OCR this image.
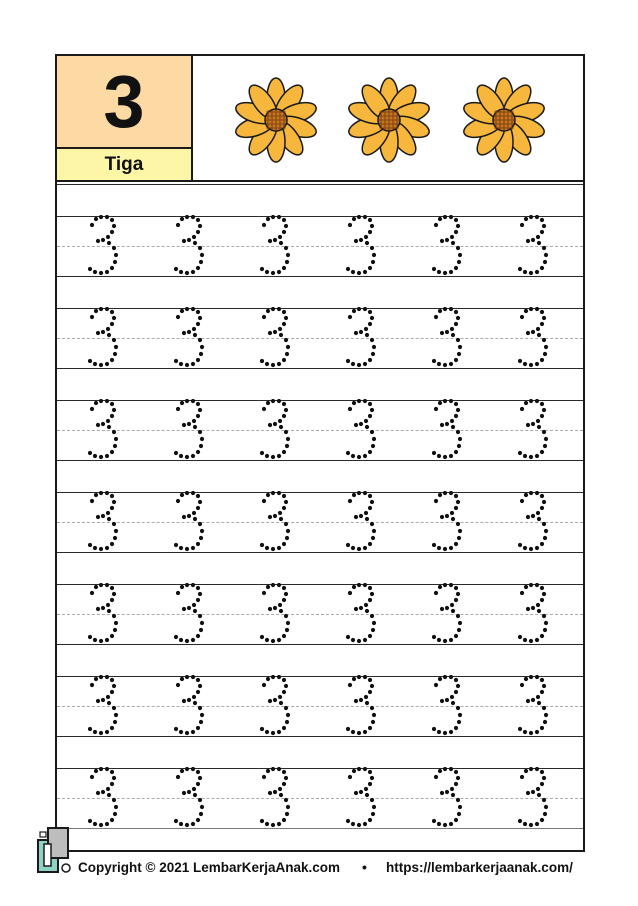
3
Tiga
Copyright © 2021 LembarKerjaAnak.com • https://lembarkerjaanak.com/
